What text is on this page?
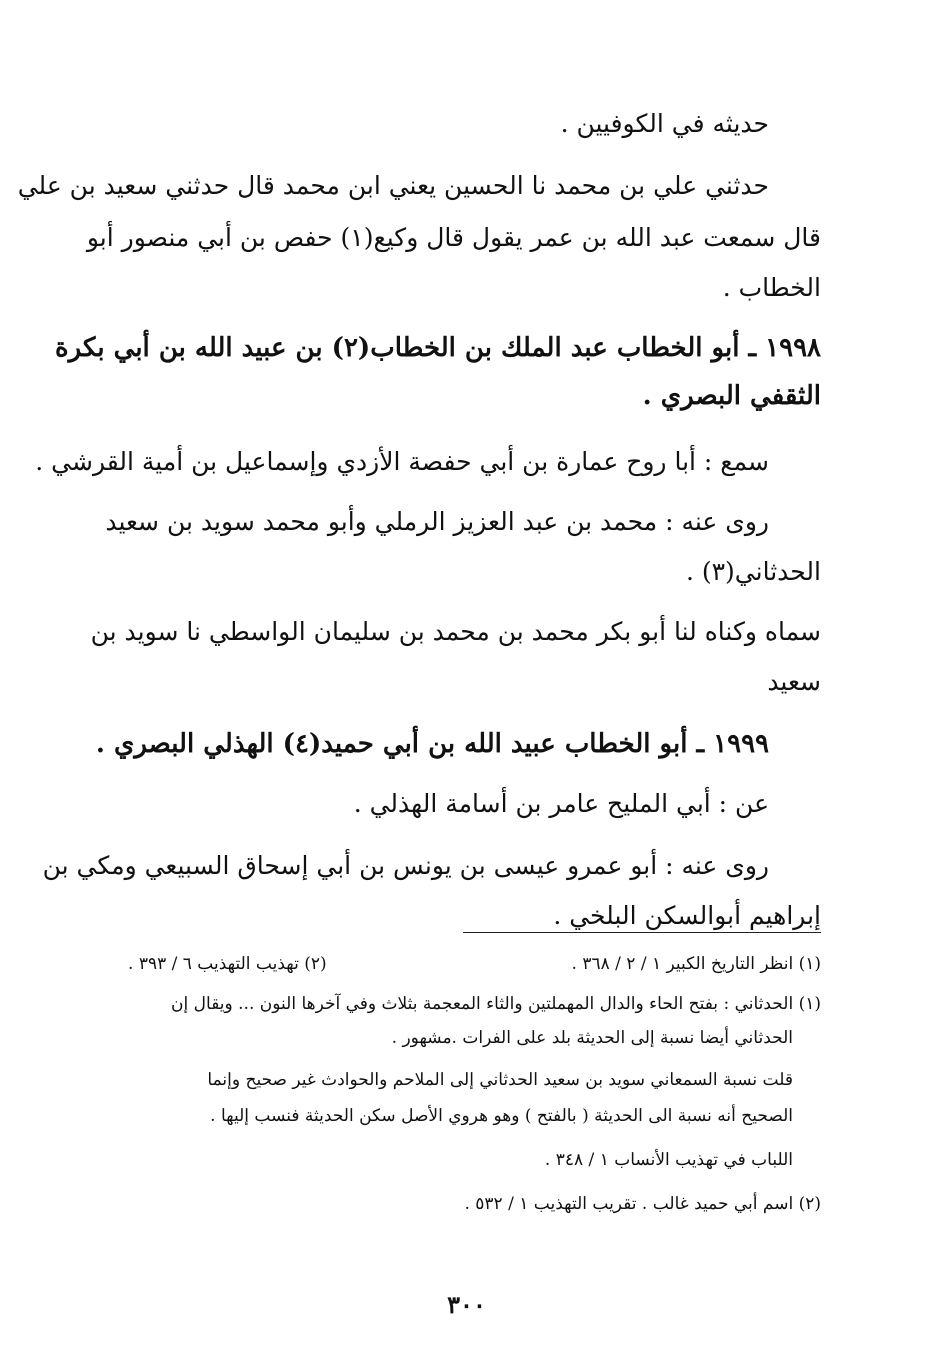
حديثه في الكوفيين .
حدثني علي بن محمد نا الحسين يعني ابن محمد قال حدثني سعيد بن علي
قال سمعت عبد الله بن عمر يقول قال وكيع(١) حفص بن أبي منصور أبو
الخطاب .
١٩٩٨ ـ أبو الخطاب عبد الملك بن الخطاب(٢) بن عبيد الله بن أبي بكرة
الثقفي البصري .
سمع : أبا روح عمارة بن أبي حفصة الأزدي وإسماعيل بن أمية القرشي .
روى عنه : محمد بن عبد العزيز الرملي وأبو محمد سويد بن سعيد
الحدثاني(٣) .
سماه وكناه لنا أبو بكر محمد بن محمد بن سليمان الواسطي نا سويد بن
سعيد
١٩٩٩ ـ أبو الخطاب عبيد الله بن أبي حميد(٤) الهذلي البصري .
عن : أبي المليح عامر بن أسامة الهذلي .
روى عنه : أبو عمرو عيسى بن يونس بن أبي إسحاق السبيعي ومكي بن
إبراهيم أبوالسكن البلخي .
(١) انظر التاريخ الكبير ١ / ٢ / ٣٦٨ .
(٢) تهذيب التهذيب ٦ / ٣٩٣ .
(١) الحدثاني : بفتح الحاء والدال المهملتين والثاء المعجمة بثلاث وفي آخرها النون ... ويقال إن
الحدثاني أيضا نسبة إلى الحديثة بلد على الفرات .مشهور .
قلت نسبة السمعاني سويد بن سعيد الحدثاني إلى الملاحم والحوادث غير صحيح وإنما
الصحيح أنه نسبة الى الحديثة ( بالفتح ) وهو هروي الأصل سكن الحديثة فنسب إليها .
اللباب في تهذيب الأنساب ١ / ٣٤٨ .
(٢) اسم أبي حميد غالب . تقريب التهذيب ١ / ٥٣٢ .
٣٠٠
